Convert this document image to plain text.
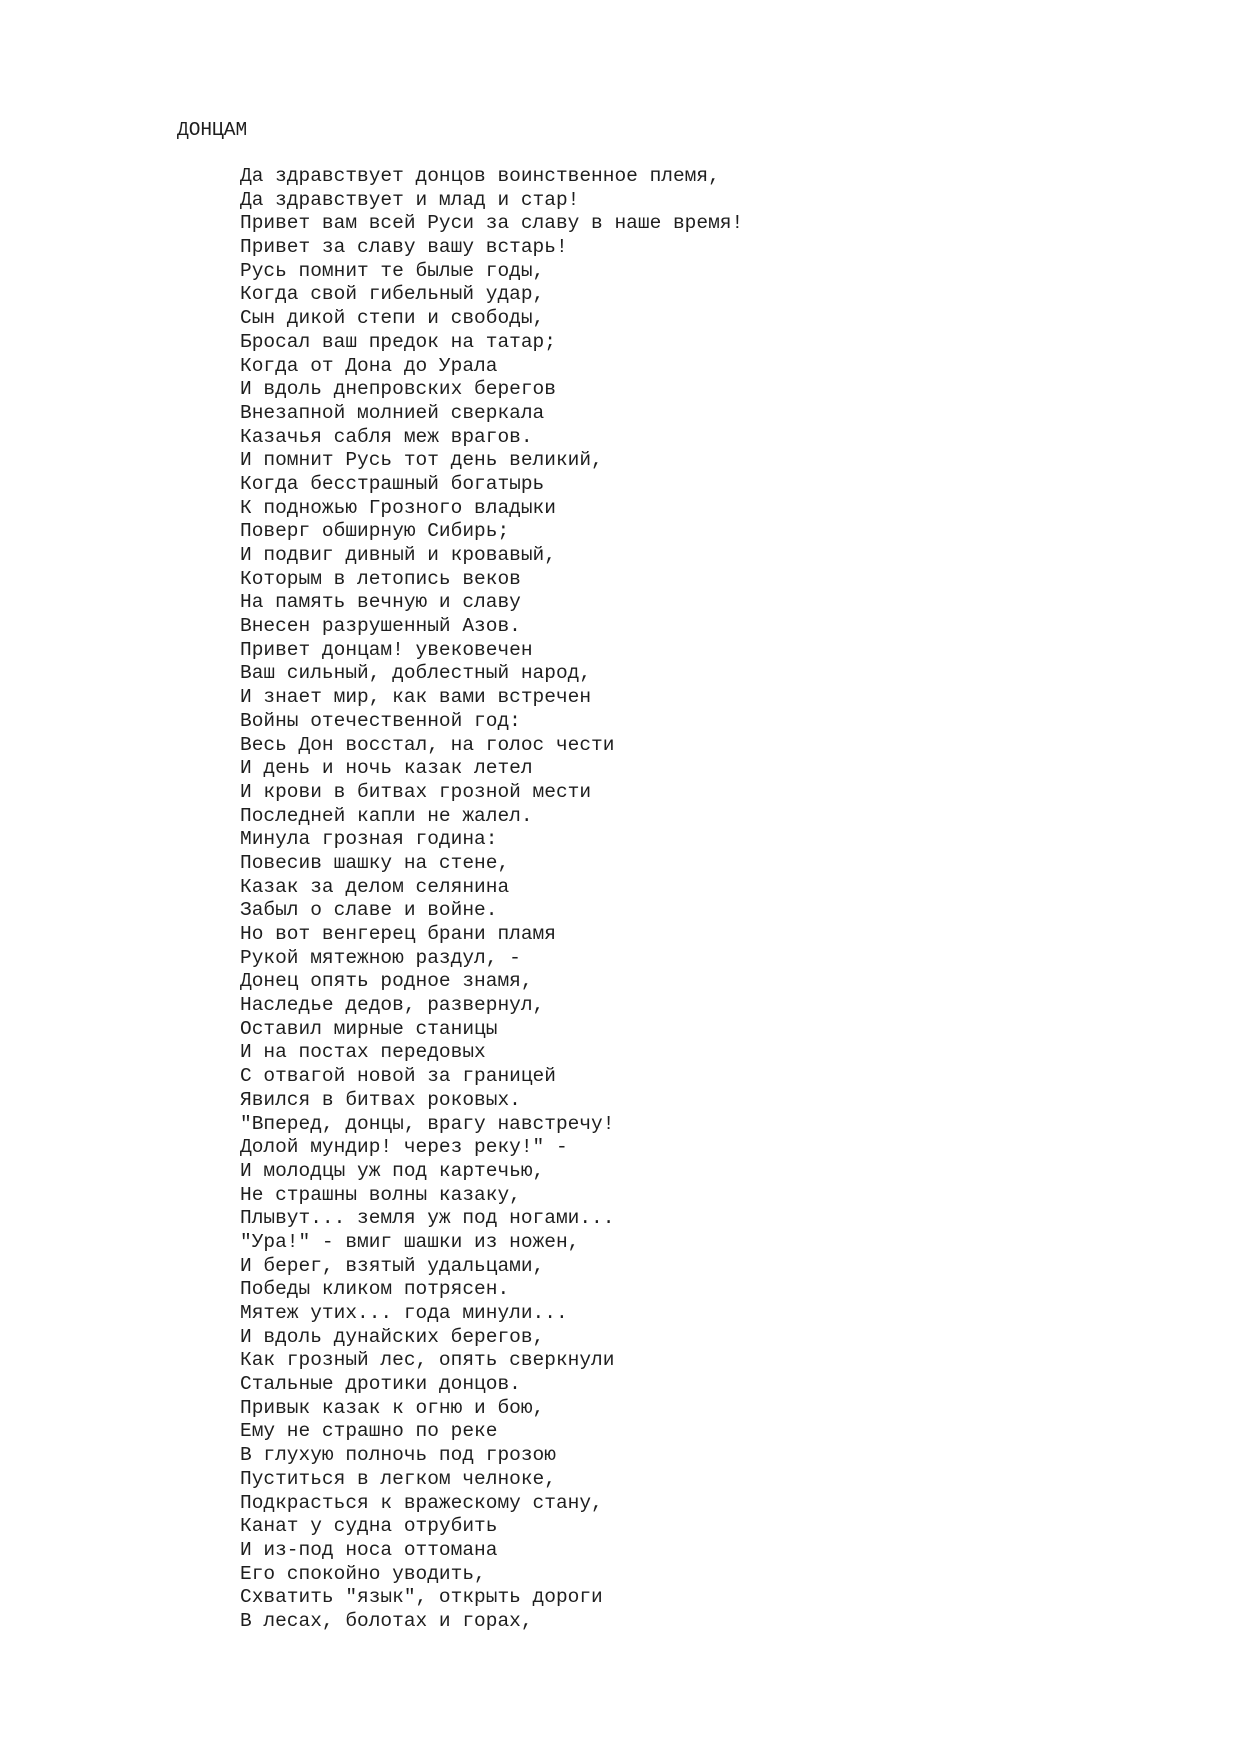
ДОНЦАМ
Да здравствует донцов воинственное племя,
Да здравствует и млад и стар!
Привет вам всей Руси за славу в наше время!
Привет за славу вашу встарь!
Русь помнит те былые годы,
Когда свой гибельный удар,
Сын дикой степи и свободы,
Бросал ваш предок на татар;
Когда от Дона до Урала
И вдоль днепровских берегов
Внезапной молнией сверкала
Казачья сабля меж врагов.
И помнит Русь тот день великий,
Когда бесстрашный богатырь
К подножью Грозного владыки
Поверг обширную Сибирь;
И подвиг дивный и кровавый,
Которым в летопись веков
На память вечную и славу
Внесен разрушенный Азов.
Привет донцам! увековечен
Ваш сильный, доблестный народ,
И знает мир, как вами встречен
Войны отечественной год:
Весь Дон восстал, на голос чести
И день и ночь казак летел
И крови в битвах грозной мести
Последней капли не жалел.
Минула грозная година:
Повесив шашку на стене,
Казак за делом селянина
Забыл о славе и войне.
Но вот венгерец брани пламя
Рукой мятежною раздул, -
Донец опять родное знамя,
Наследье дедов, развернул,
Оставил мирные станицы
И на постах передовых
С отвагой новой за границей
Явился в битвах роковых.
"Вперед, донцы, врагу навстречу!
Долой мундир! через реку!" -
И молодцы уж под картечью,
Не страшны волны казаку,
Плывут... земля уж под ногами...
"Ура!" - вмиг шашки из ножен,
И берег, взятый удальцами,
Победы кликом потрясен.
Мятеж утих... года минули...
И вдоль дунайских берегов,
Как грозный лес, опять сверкнули
Стальные дротики донцов.
Привык казак к огню и бою,
Ему не страшно по реке
В глухую полночь под грозою
Пуститься в легком челноке,
Подкрасться к вражескому стану,
Канат у судна отрубить
И из-под носа оттомана
Его спокойно уводить,
Схватить "язык", открыть дороги
В лесах, болотах и горах,
